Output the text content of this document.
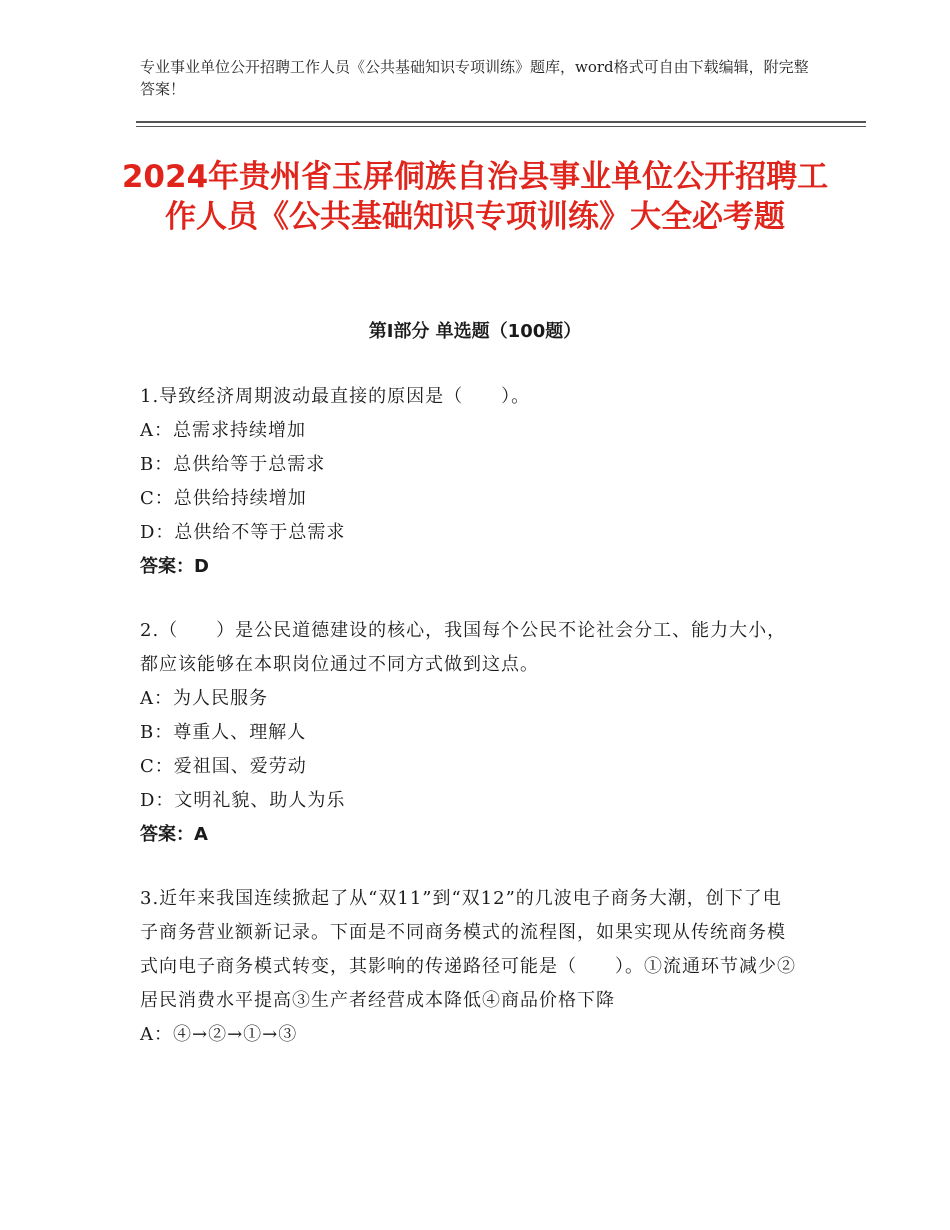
专业事业单位公开招聘工作人员《公共基础知识专项训练》题库，word格式可自由下载编辑，附完整答案！
2024年贵州省玉屏侗族自治县事业单位公开招聘工作人员《公共基础知识专项训练》大全必考题
第I部分 单选题（100题）
1.导致经济周期波动最直接的原因是（　　）。
A：总需求持续增加
B：总供给等于总需求
C：总供给持续增加
D：总供给不等于总需求
答案：D
2.（　　）是公民道德建设的核心，我国每个公民不论社会分工、能力大小，都应该能够在本职岗位通过不同方式做到这点。
A：为人民服务
B：尊重人、理解人
C：爱祖国、爱劳动
D：文明礼貌、助人为乐
答案：A
3.近年来我国连续掀起了从“双11”到“双12”的几波电子商务大潮，创下了电子商务营业额新记录。下面是不同商务模式的流程图，如果实现从传统商务模式向电子商务模式转变，其影响的传递路径可能是（　　）。①流通环节减少②居民消费水平提高③生产者经营成本降低④商品价格下降
A：④→②→①→③
